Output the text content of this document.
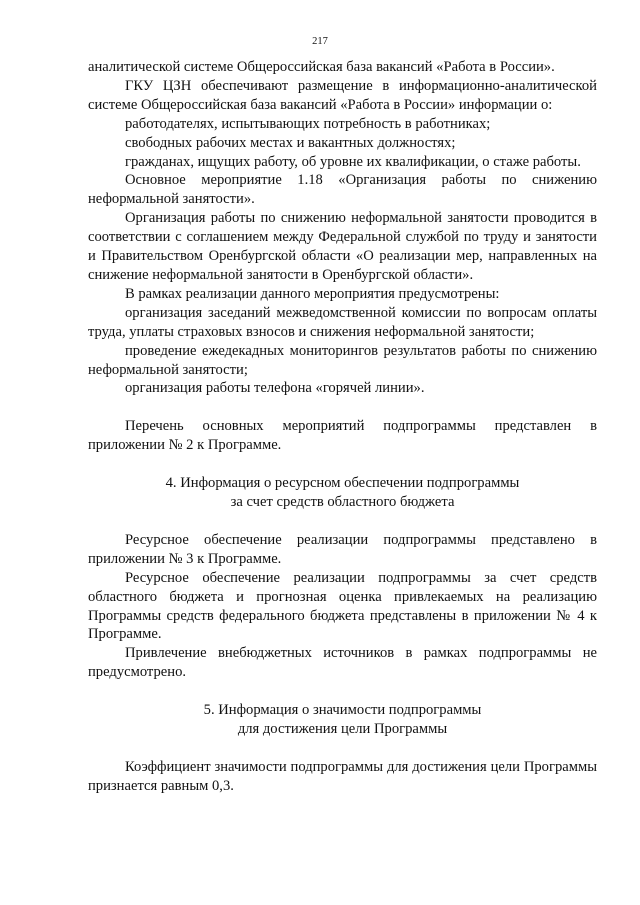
217

аналитической системе Общероссийская база вакансий «Работа в России».

ГКУ ЦЗН обеспечивают размещение в информационно-аналитической системе Общероссийская база вакансий «Работа в России» информации о:

работодателях, испытывающих потребность в работниках;

свободных рабочих местах и вакантных должностях;

гражданах, ищущих работу, об уровне их квалификации, о стаже работы.

Основное мероприятие 1.18 «Организация работы по снижению неформальной занятости».

Организация работы по снижению неформальной занятости проводится в соответствии с соглашением между Федеральной службой по труду и занятости и Правительством Оренбургской области «О реализации мер, направленных на снижение неформальной занятости в Оренбургской области».

В рамках реализации данного мероприятия предусмотрены:

организация заседаний межведомственной комиссии по вопросам оплаты труда, уплаты страховых взносов и снижения неформальной занятости;

проведение ежедекадных мониторингов результатов работы по снижению неформальной занятости;

организация работы телефона «горячей линии».

Перечень основных мероприятий подпрограммы представлен в приложении № 2 к Программе.

4. Информация о ресурсном обеспечении подпрограммы
за счет средств областного бюджета

Ресурсное обеспечение реализации подпрограммы представлено в приложении № 3 к Программе.

Ресурсное обеспечение реализации подпрограммы за счет средств областного бюджета и прогнозная оценка привлекаемых на реализацию Программы средств федерального бюджета представлены в приложении № 4 к Программе.

Привлечение внебюджетных источников в рамках подпрограммы не предусмотрено.

5. Информация о значимости подпрограммы
для достижения цели Программы

Коэффициент значимости подпрограммы для достижения цели Программы признается равным 0,3.
